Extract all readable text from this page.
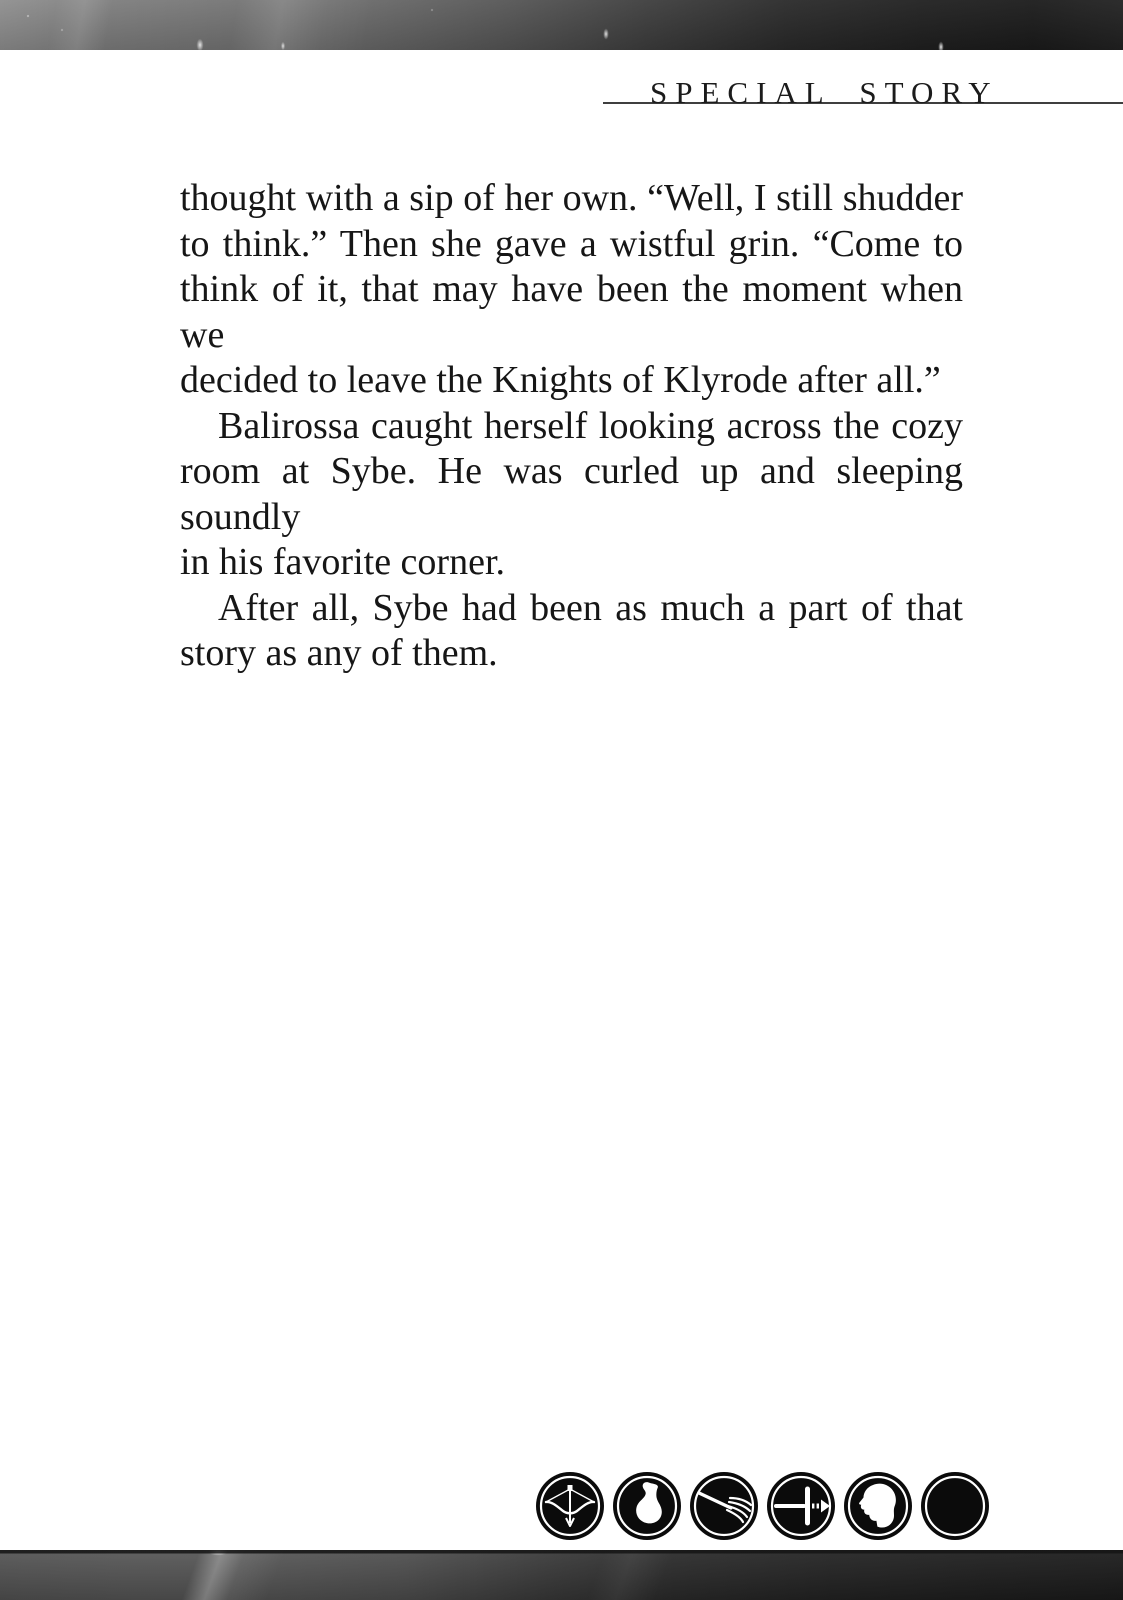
SPECIAL STORY
thought with a sip of her own. “Well, I still shudder
to think.” Then she gave a wistful grin. “Come to
think of it, that may have been the moment when we
decided to leave the Knights of Klyrode after all.”
Balirossa caught herself looking across the cozy
room at Sybe. He was curled up and sleeping soundly
in his favorite corner.
After all, Sybe had been as much a part of that
story as any of them.
